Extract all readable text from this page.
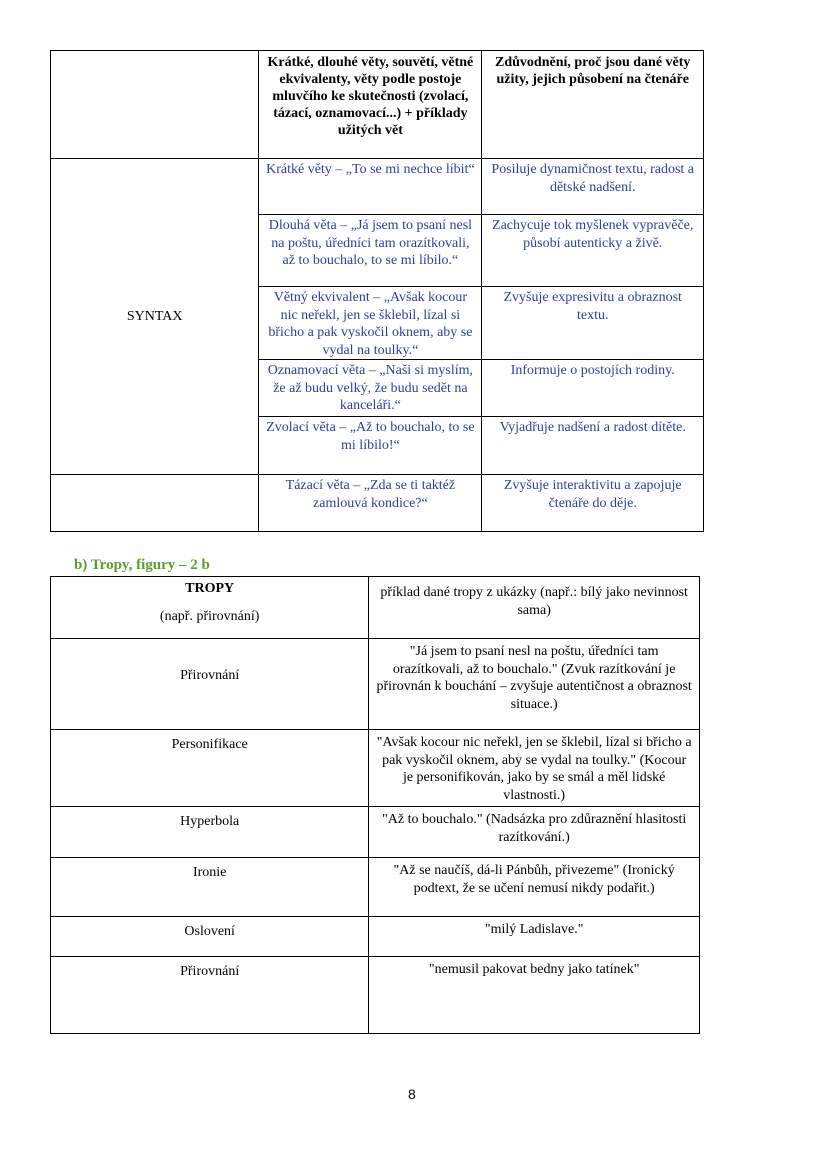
	Krátké, dlouhé věty, souvětí, větné ekvivalenty, věty podle postoje mluvčího ke skutečnosti (zvolací, tázací, oznamovací...) + příklady užitých vět	Zdůvodnění, proč jsou dané věty užity, jejich působení na čtenáře
SYNTAX	Krátké věty – „To se mi nechce líbit“	Posiluje dynamičnost textu, radost a dětské nadšení.
	Dlouhá věta – „Já jsem to psaní nesl na poštu, úředníci tam orazítkovali, až to bouchalo, to se mi líbilo.“	Zachycuje tok myšlenek vypravěče, působí autenticky a živě.
	Větný ekvivalent – „Avšak kocour nic neřekl, jen se šklebil, lízal si břicho a pak vyskočil oknem, aby se vydal na toulky.“	Zvyšuje expresivitu a obraznost textu.
	Oznamovací věta – „Naši si myslím, že až budu velký, že budu sedět na kanceláři.“	Informuje o postojích rodiny.
	Zvolací věta – „Až to bouchalo, to se mi líbilo!“	Vyjadřuje nadšení a radost dítěte.
	Tázací věta – „Zda se ti taktéž zamlouvá kondice?“	Zvyšuje interaktivitu a zapojuje čtenáře do děje.
b) Tropy, figury – 2 b
TROPY
(např. přirovnání)	příklad dané tropy z ukázky (např.: bílý jako nevinnost sama)
Přirovnání	"Já jsem to psaní nesl na poštu, úředníci tam orazítkovali, až to bouchalo." (Zvuk razítkování je přirovnán k bouchání – zvyšuje autentičnost a obraznost situace.)
Personifikace	"Avšak kocour nic neřekl, jen se šklebil, lízal si břicho a pak vyskočil oknem, aby se vydal na toulky." (Kocour je personifikován, jako by se smál a měl lidské vlastnosti.)
Hyperbola	"Až to bouchalo." (Nadsázka pro zdůraznění hlasitosti razítkování.)
Ironie	"Až se naučíš, dá-li Pánbůh, přivezeme" (Ironický podtext, že se učení nemusí nikdy podařit.)
Oslovení	"milý Ladislave."
Přirovnání	"nemusil pakovat bedny jako tatínek"
8
